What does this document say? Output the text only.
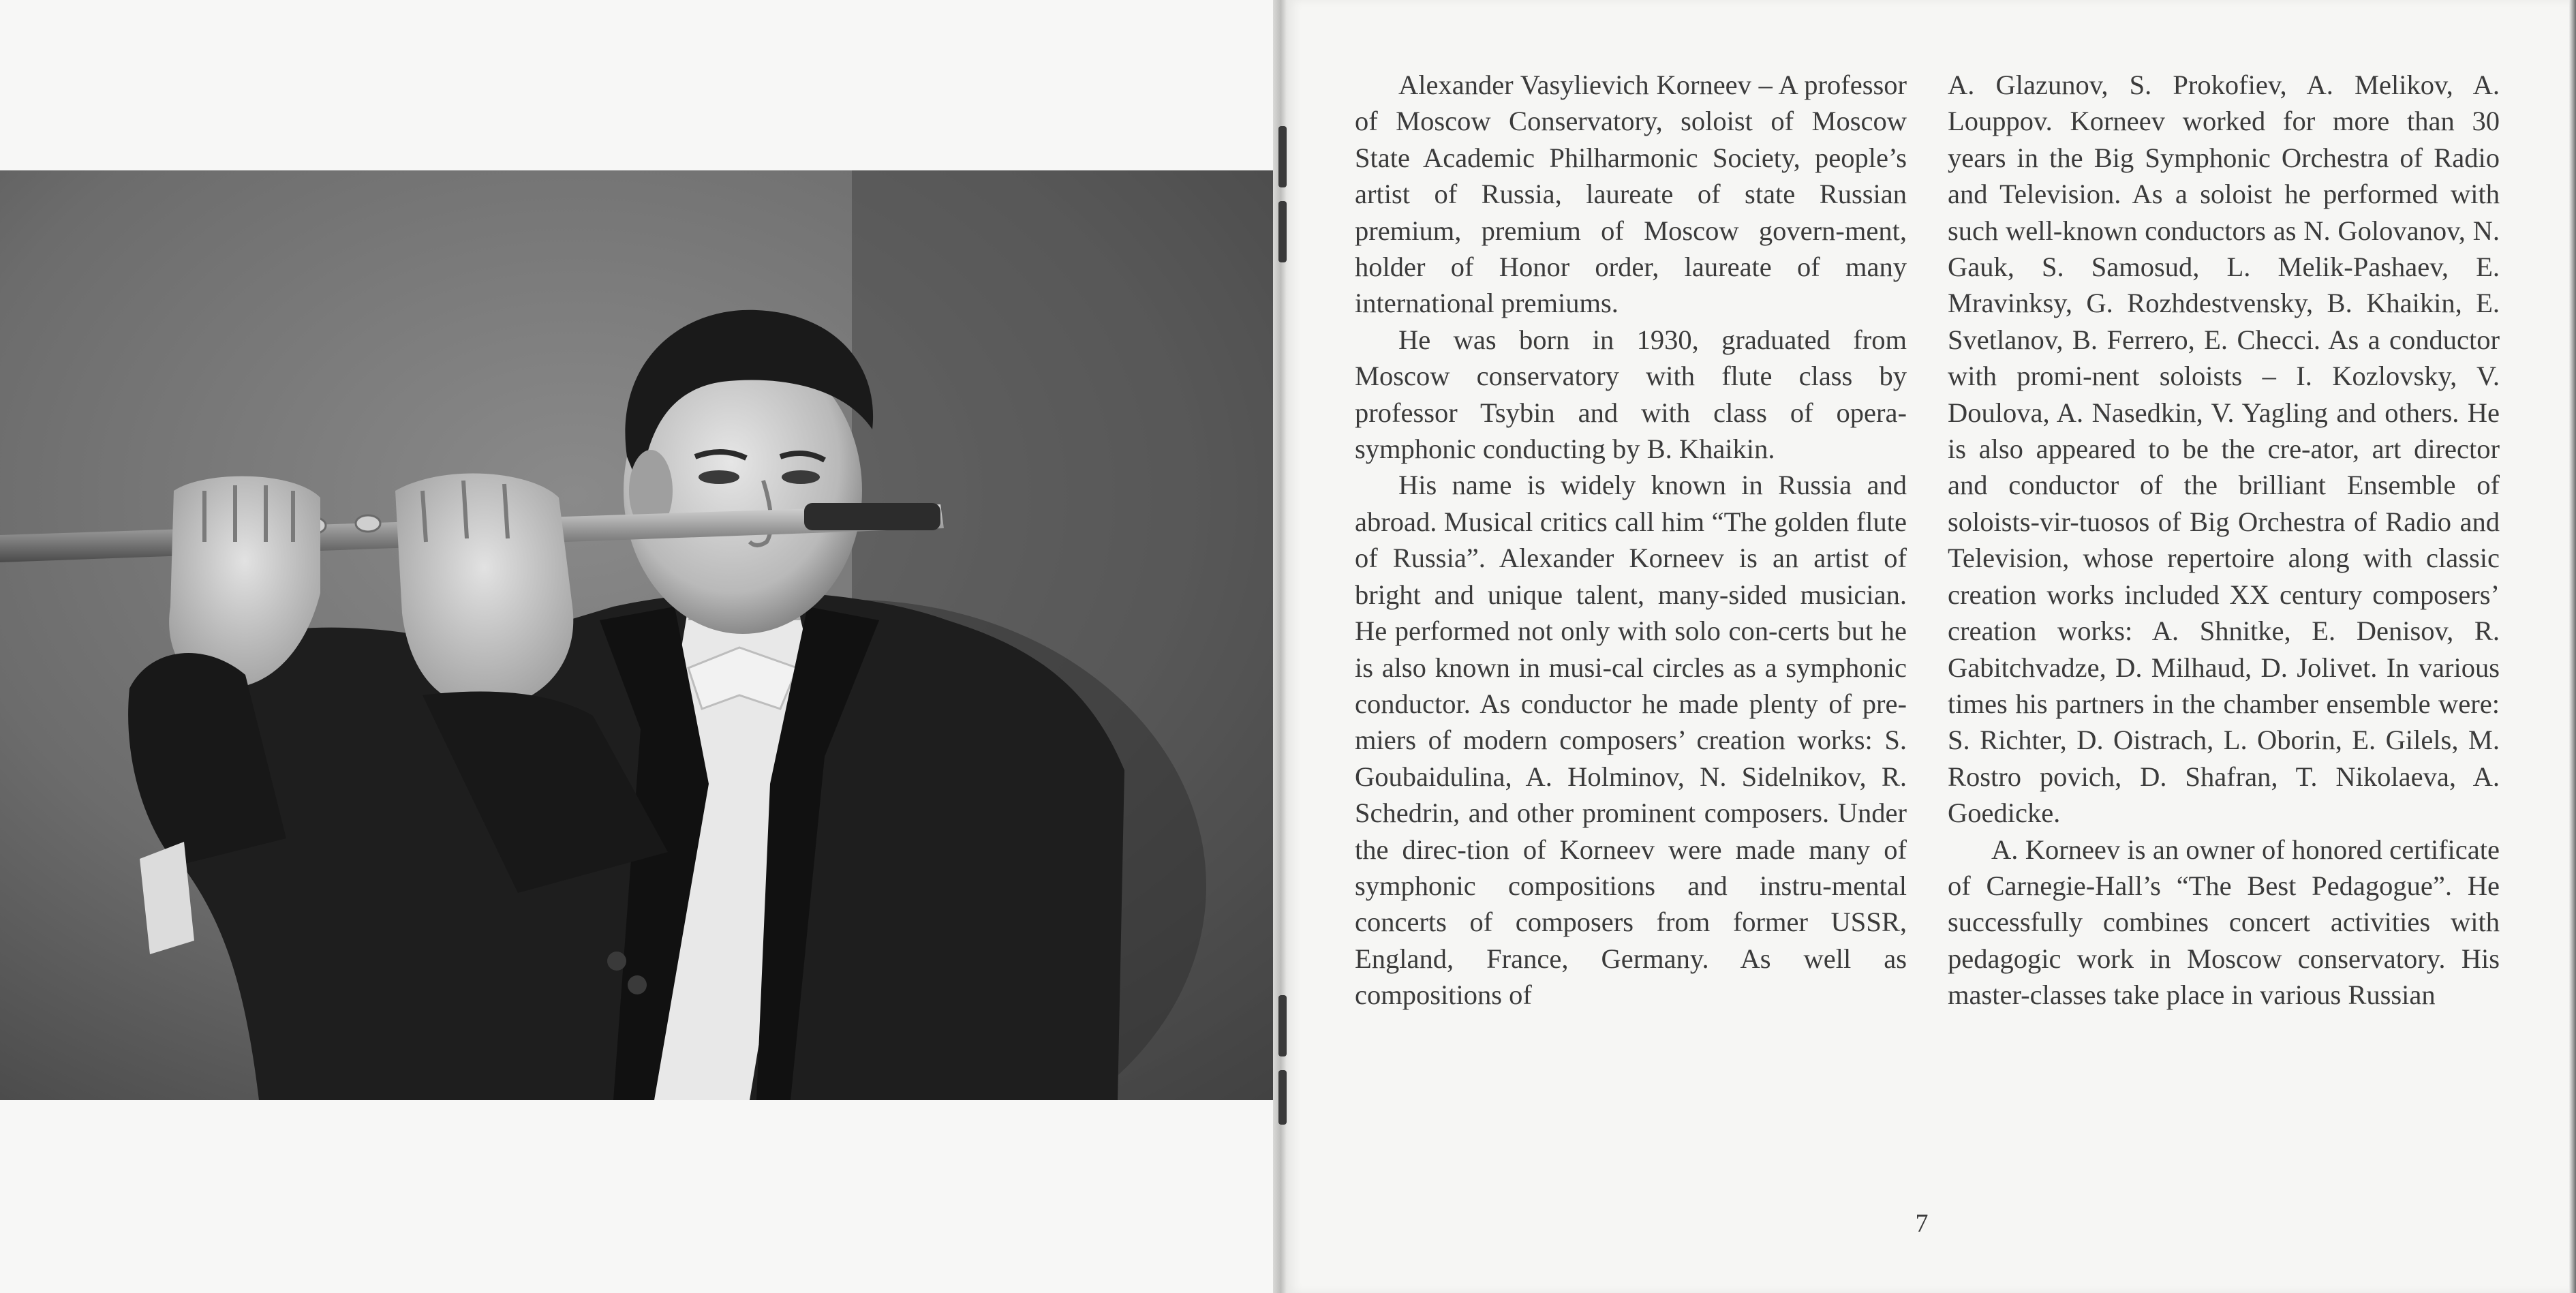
Alexander Vasylievich Korneev – A professor of Moscow Conservatory, soloist of Moscow State Academic Philharmonic Society, people’s artist of Russia, laureate of state Russian premium, premium of Moscow govern-ment, holder of Honor order, laureate of many international premiums.

He was born in 1930, graduated from Moscow conservatory with flute class by professor Tsybin and with class of opera-symphonic conducting by B. Khaikin.

His name is widely known in Russia and abroad. Musical critics call him “The golden flute of Russia”. Alexander Korneev is an artist of bright and unique talent, many-sided musician. He performed not only with solo con-certs but he is also known in musi-cal circles as a symphonic conductor. As conductor he made plenty of pre-miers of modern composers’ creation works: S. Goubaidulina, A. Holminov, N. Sidelnikov, R. Schedrin, and other prominent composers. Under the direc-tion of Korneev were made many of symphonic compositions and instru-mental concerts of composers from former USSR, England, France, Germany. As well as compositions of

A. Glazunov, S. Prokofiev, A. Melikov, A. Louppov. Korneev worked for more than 30 years in the Big Symphonic Orchestra of Radio and Television. As a soloist he performed with such well-known conductors as N. Golovanov, N. Gauk, S. Samosud, L. Melik-Pashaev, E. Mravinksy, G. Rozhdestvensky, B. Khaikin, E. Svetlanov, B. Ferrero, E. Checci. As a conductor with promi-nent soloists – I. Kozlovsky, V. Doulova, A. Nasedkin, V. Yagling and others. He is also appeared to be the cre-ator, art director and conductor of the brilliant Ensemble of soloists-vir-tuosos of Big Orchestra of Radio and Television, whose repertoire along with classic creation works included XX century composers’ creation works: A. Shnitke, E. Denisov, R. Gabitchvadze, D. Milhaud, D. Jolivet. In various times his partners in the chamber ensemble were: S. Richter, D. Oistrach, L. Oborin, E. Gilels, M. Rostro povich, D. Shafran, T. Nikolaeva, A. Goedicke.

A. Korneev is an owner of honored certificate of Carnegie-Hall’s “The Best Pedagogue”. He successfully combines concert activities with pedagogic work in Moscow conservatory. His master-classes take place in various Russian

7
